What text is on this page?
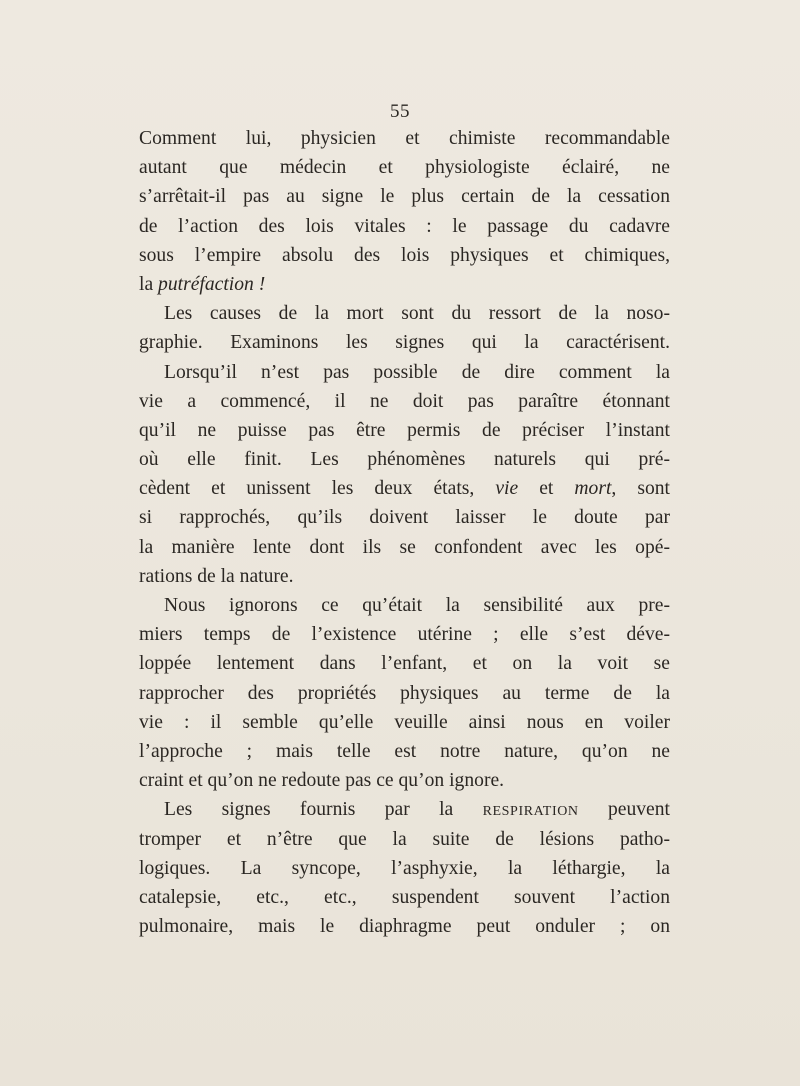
55
Comment lui, physicien et chimiste recommandable
autant que médecin et physiologiste éclairé, ne
s’arrêtait-il pas au signe le plus certain de la cessation
de l’action des lois vitales : le passage du cadavre
sous l’empire absolu des lois physiques et chimiques,
la putréfaction !
Les causes de la mort sont du ressort de la noso-
graphie. Examinons les signes qui la caractérisent.
Lorsqu’il n’est pas possible de dire comment la
vie a commencé, il ne doit pas paraître étonnant
qu’il ne puisse pas être permis de préciser l’instant
où elle finit. Les phénomènes naturels qui pré-
cèdent et unissent les deux états, vie et mort, sont
si rapprochés, qu’ils doivent laisser le doute par
la manière lente dont ils se confondent avec les opé-
rations de la nature.
Nous ignorons ce qu’était la sensibilité aux pre-
miers temps de l’existence utérine ; elle s’est déve-
loppée lentement dans l’enfant, et on la voit se
rapprocher des propriétés physiques au terme de la
vie : il semble qu’elle veuille ainsi nous en voiler
l’approche ; mais telle est notre nature, qu’on ne
craint et qu’on ne redoute pas ce qu’on ignore.
Les signes fournis par la respiration peuvent
tromper et n’être que la suite de lésions patho-
logiques. La syncope, l’asphyxie, la léthargie, la
catalepsie, etc., etc., suspendent souvent l’action
pulmonaire, mais le diaphragme peut onduler ; on
